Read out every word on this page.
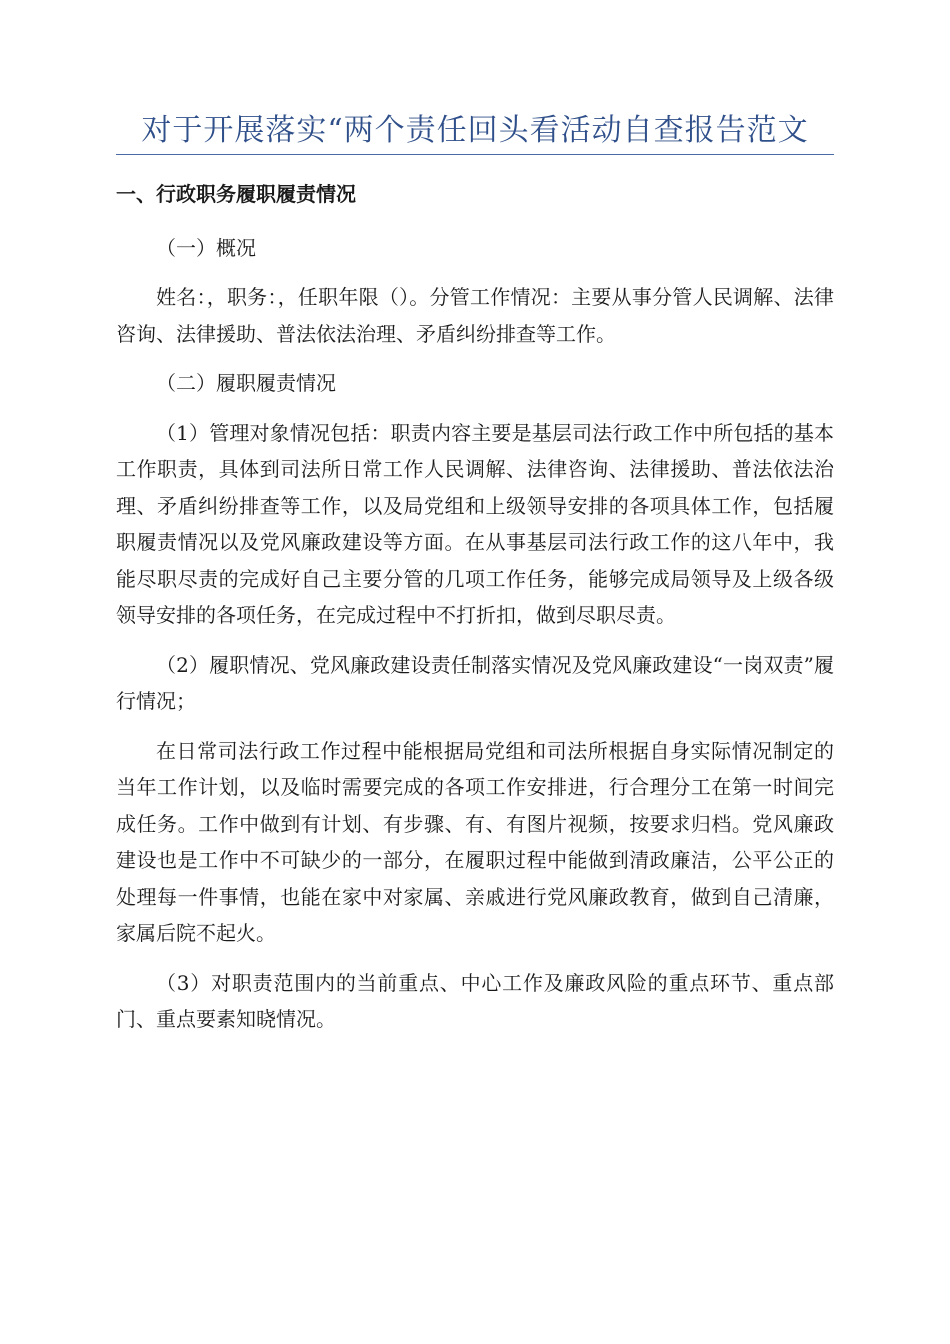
对于开展落实“两个责任回头看活动自查报告范文

一、行政职务履职履责情况

（一）概况

姓名：，职务：，任职年限（）。分管工作情况：主要从事分管人民调解、法律咨询、法律援助、普法依法治理、矛盾纠纷排查等工作。

（二）履职履责情况

（1）管理对象情况包括：职责内容主要是基层司法行政工作中所包括的基本工作职责，具体到司法所日常工作人民调解、法律咨询、法律援助、普法依法治理、矛盾纠纷排查等工作，以及局党组和上级领导安排的各项具体工作，包括履职履责情况以及党风廉政建设等方面。在从事基层司法行政工作的这八年中，我能尽职尽责的完成好自己主要分管的几项工作任务，能够完成局领导及上级各级领导安排的各项任务，在完成过程中不打折扣，做到尽职尽责。

（2）履职情况、党风廉政建设责任制落实情况及党风廉政建设“一岗双责”履行情况；

在日常司法行政工作过程中能根据局党组和司法所根据自身实际情况制定的当年工作计划，以及临时需要完成的各项工作安排进，行合理分工在第一时间完成任务。工作中做到有计划、有步骤、有、有图片视频，按要求归档。党风廉政建设也是工作中不可缺少的一部分，在履职过程中能做到清政廉洁，公平公正的处理每一件事情，也能在家中对家属、亲戚进行党风廉政教育，做到自己清廉，家属后院不起火。

（3）对职责范围内的当前重点、中心工作及廉政风险的重点环节、重点部门、重点要素知晓情况。
